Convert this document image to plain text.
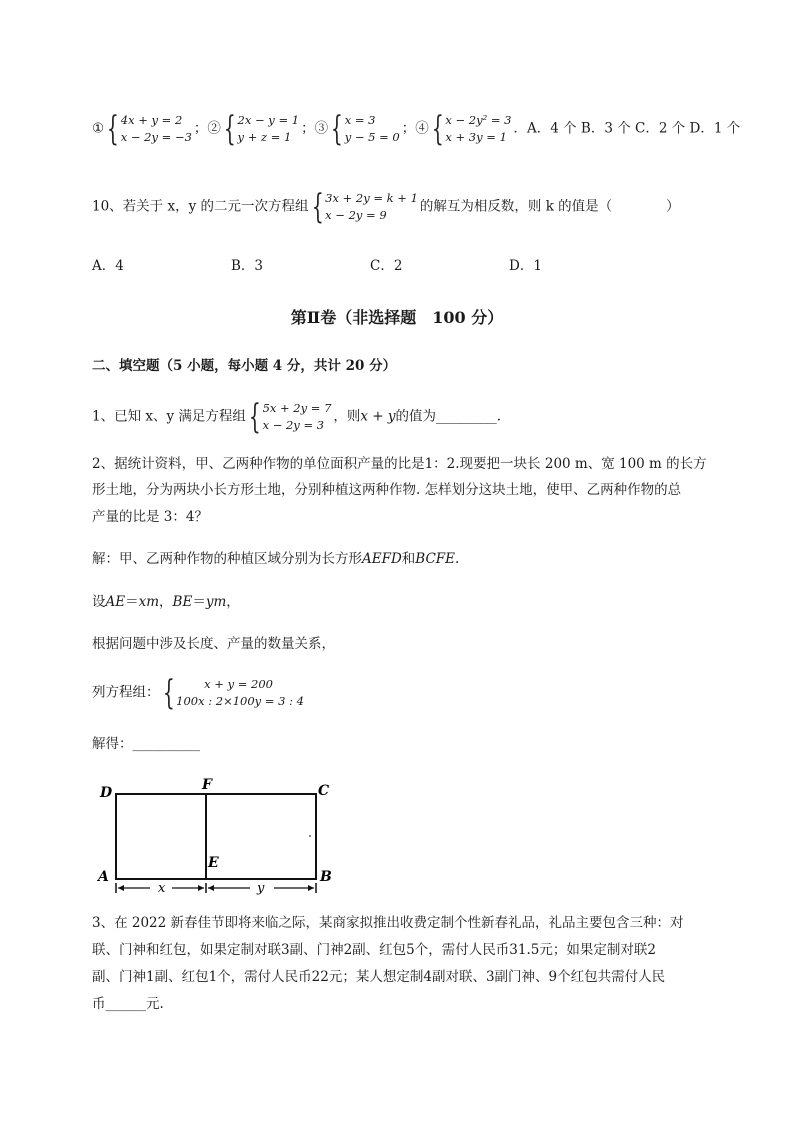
① { 4x + y = 2
x − 2y = −3
；② { 2x − y = 1
y + z = 1
；③ { x = 3
y − 5 = 0
；④ { x − 2y² = 3
x + 3y = 1
．A．4 个 B．3 个 C．2 个 D．1 个
10、若关于 x，y 的二元一次方程组 { 3x + 2y = k + 1
x − 2y = 9
的解互为相反数，则 k 的值是（　　　　）
A．4	B．3	C．2	D．1
第Ⅱ卷（非选择题　100 分）
二、填空题（5 小题，每小题 4 分，共计 20 分）
1、已知 x、y 满足方程组 { 5x + 2y = 7
x − 2y = 3
，则x + y的值为_________.
2、据统计资料，甲、乙两种作物的单位面积产量的比是1：2.现要把一块长 200 m、宽 100 m 的长方
形土地，分为两块小长方形土地，分别种植这两种作物. 怎样划分这块土地，使甲、乙两种作物的总
产量的比是 3：4？
解：甲、乙两种作物的种植区域分别为长方形AEFD和BCFE.
设AE＝xm，BE＝ym，
根据问题中涉及长度、产量的数量关系，
列方程组： {	x + y = 200
100x : 2×100y = 3 : 4
解得：__________
x	y
D	F	C
A
E
B
3、在 2022 新春佳节即将来临之际，某商家拟推出收费定制个性新春礼品，礼品主要包含三种：对
联、门神和红包，如果定制对联3副、门神2副、红包5个，需付人民币31.5元；如果定制对联2
副、门神1副、红包1个，需付人民币22元；某人想定制4副对联、3副门神、9个红包共需付人民
币______元.
